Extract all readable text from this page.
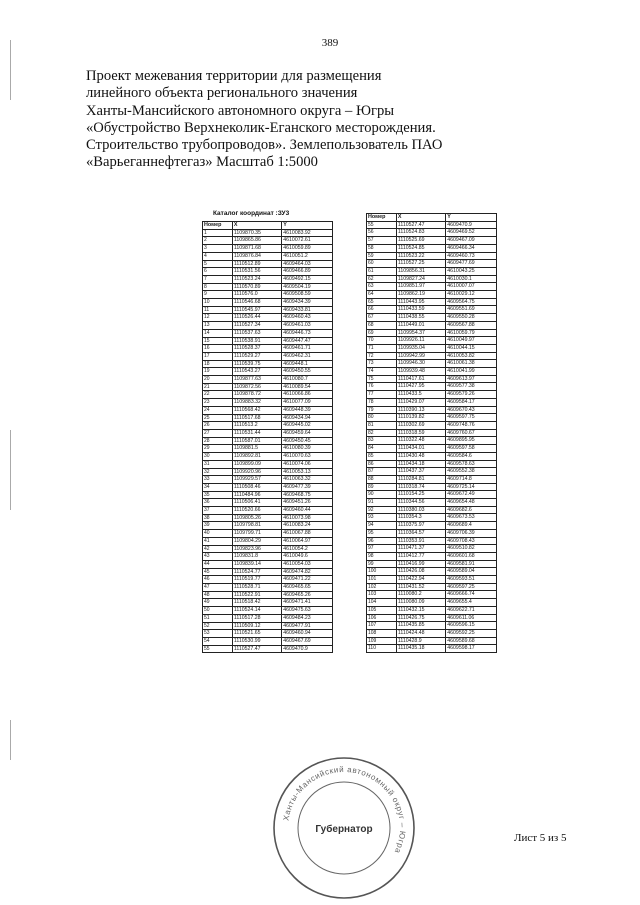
389
Проект межевания территории для размещения
линейного объекта регионального значения
Ханты-Мансийского автономного округа – Югры
«Обустройство Верхнеколик-Еганского месторождения.
Строительство трубопроводов». Землепользователь ПАО
«Варьеганнефтегаз» Масштаб 1:5000
Каталог координат :ЗУ3
Номер	X	Y
1	1109870.35	4610083.92
2	1109865.86	4610072.61
3	1109871.68	4610059.89
4	1109876.84	4610051.2
5	1110512.89	4609464.03
6	1110531.56	4609466.89
7	1110523.24	4609492.15
8	1110570.89	4609504.19
9	1110576.0	4609508.59
10	1110546.68	4609434.39
11	1110545.97	4609433.81
12	1110526.44	4609460.43
13	1110527.34	4609461.03
14	1110537.63	4609446.73
15	1110538.91	4609447.47
16	1110528.37	4609461.71
17	1110529.27	4609462.31
18	1110539.75	4609448.1
19	1110543.27	4609450.55
20	1109877.63	4610080.7
21	1109872.56	4610089.54
22	1109878.72	4610066.86
23	1109883.32	4610077.09
24	1110568.42	4609448.39
25	1110517.68	4609434.94
26	1110513.2	4609445.02
27	1110531.44	4609459.64
28	1110587.01	4609450.45
29	1109881.5	4610080.39
30	1109892.81	4610070.63
31	1109899.09	4610074.06
32	1109920.96	4610053.13
33	1109929.57	4610063.32
34	1110508.46	4609477.39
35	1110484.96	4609468.75
36	1110506.41	4609451.26
37	1110520.66	4609460.44
38	1109805.26	4610073.98
39	1109798.81	4610083.24
40	1109799.71	4610067.88
41	1109804.29	4610064.97
42	1109823.96	4610054.2
43	1109831.8	4610049.6
44	1109839.14	4610054.03
45	1110524.77	4609474.82
46	1110519.77	4609471.22
47	1110528.71	4609465.65
48	1110522.91	4609465.26
49	1110518.42	4609471.41
50	1110524.14	4609475.63
51	1110517.28	4609484.23
52	1110509.12	4609477.91
53	1110521.65	4609460.94
54	1110530.99	4609467.69
55	1110527.47	4609470.9
Номер	X	Y
55	1110527.47	4609470.9
56	1110524.83	4609469.52
57	1110525.69	4609467.09
58	1110524.85	4609466.34
59	1110523.22	4609460.73
60	1110527.25	4609477.69
61	1109856.31	4610043.25
62	1109827.24	4610030.1
63	1109851.97	4610007.07
64	1109862.19	4610029.12
65	1110443.95	4609564.75
66	1110433.59	4609551.69
67	1110438.55	4609550.28
68	1110449.01	4609567.88
69	1109954.37	4610059.79
70	1109926.11	4610049.97
71	1109935.04	4610044.15
72	1109942.99	4610053.82
73	1109946.30	4610061.38
74	1109939.48	4610041.99
75	1110417.61	4609613.97
76	1110427.95	4609577.38
77	1110433.5	4609579.26
78	1110429.07	4609584.17
79	1110390.13	4609670.43
80	1110139.82	4609597.75
81	1110302.69	4609748.76
82	1110318.59	4609760.67
83	1110322.48	4609895.95
84	1110434.01	4609597.58
85	1110430.48	4609584.6
86	1110434.18	4609578.63
87	1110437.37	4609552.38
88	1110284.81	4609714.8
89	1110318.74	4609725.14
90	1110154.25	4609672.49
91	1110344.56	4609654.48
92	1110380.03	4609682.6
93	1110354.3	4609673.53
94	1110375.97	4609689.4
95	1110364.57	4609706.39
96	1110353.91	4609708.43
97	1110471.37	4609510.82
98	1110412.77	4609601.68
99	1110416.99	4609581.91
100	1110426.08	4609589.04
101	1110422.94	4609593.51
102	1110431.52	4609597.25
103	1110080.2	4609666.74
104	1110080.09	4609655.4
105	1110432.15	4609622.71
106	1110426.75	4609611.06
107	1110435.85	4609596.15
108	1110424.48	4609592.25
109	1110428.9	4609589.68
110	1110435.18	4609598.17
Ханты-Мансийский автономный округ – Югра
Губернатор
Лист 5 из 5
